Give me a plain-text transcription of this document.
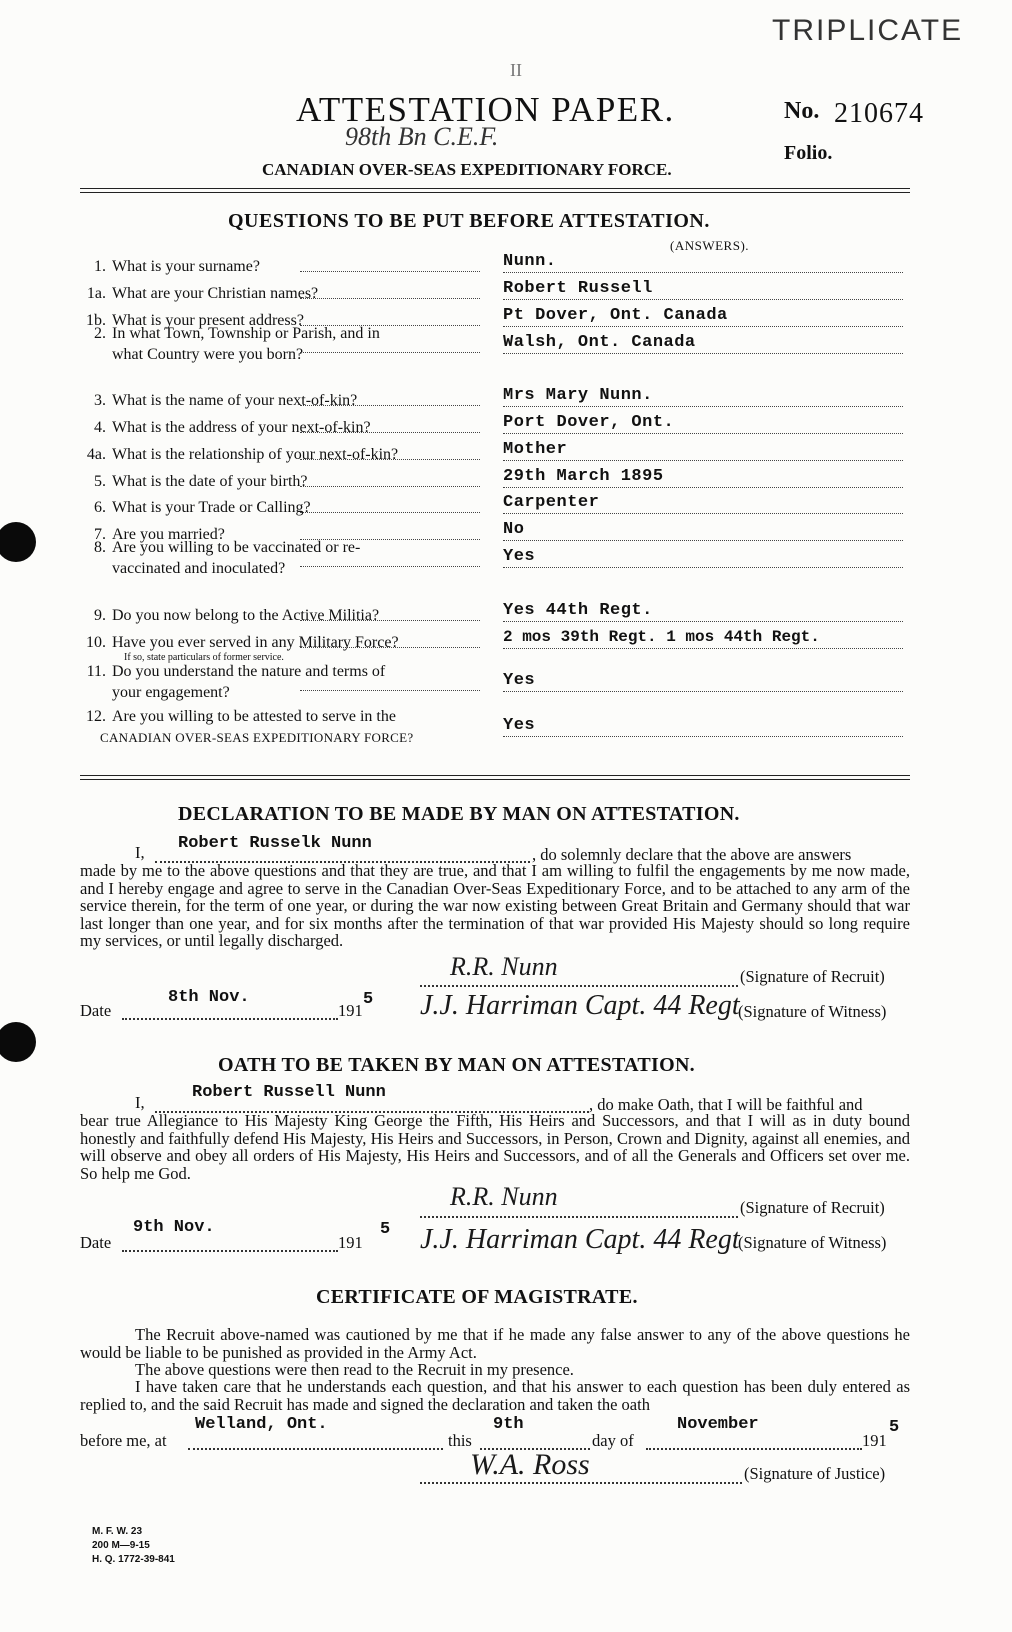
TRIPLICATE
II
ATTESTATION PAPER.
98th Bn C.E.F.
CANADIAN OVER-SEAS EXPEDITIONARY FORCE.
No. 210674
Folio.
QUESTIONS TO BE PUT BEFORE ATTESTATION.
(ANSWERS).
1. What is your surname?	Nunn.
1a. What are your Christian names?	Robert Russell
1b. What is your present address?	Pt Dover, Ont. Canada
2. In what Town, Township or Parish, and in
what Country were you born?
Walsh, Ont. Canada
3. What is the name of your next-of-kin?	Mrs Mary Nunn.
4. What is the address of your next-of-kin?	Port Dover, Ont.
4a. What is the relationship of your next-of-kin?	Mother
5. What is the date of your birth?	29th March 1895
6. What is your Trade or Calling?	Carpenter
7. Are you married?	No
8. Are you willing to be vaccinated or re-
vaccinated and inoculated?
Yes
9. Do you now belong to the Active Militia?	Yes 44th Regt.
10. Have you ever served in any Military Force?
$^{If so, state particulars of former service.}$
2 mos 39th Regt. 1 mos 44th Regt.
11. Do you understand the nature and terms of
your engagement?
Yes
12. Are you willing to be attested to serve in the
CANADIAN OVER-SEAS EXPEDITIONARY FORCE?
Yes
DECLARATION TO BE MADE BY MAN ON ATTESTATION.
I, Robert Russelk Nunn
, do solemnly declare that the above are answers
made by me to the above questions and that they are true, and that I am willing to fulfil the engagements by me now made, and I hereby engage and agree to serve in the Canadian Over-Seas Expeditionary Force, and to be attached to any arm of the service therein, for the term of one year, or during the war now existing between Great Britain and Germany should that war last longer than one year, and for six months after the termination of that war provided His Majesty should so long require my services, or until legally discharged.
R.R. Nunn	(Signature of Recruit)
Date
8th Nov.
191
5 J.J. Harriman Capt. 44 Regt
(Signature of Witness)
OATH TO BE TAKEN BY MAN ON ATTESTATION.
I,
Robert Russell Nunn
, do make Oath, that I will be faithful and
bear true Allegiance to His Majesty King George the Fifth, His Heirs and Successors, and that I will as in duty bound honestly and faithfully defend His Majesty, His Heirs and Successors, in Person, Crown and Dignity, against all enemies, and will observe and obey all orders of His Majesty, His Heirs and Successors, and of all the Generals and Officers set over me. So help me God.
R.R. Nunn	(Signature of Recruit)
Date
9th Nov.
191
5 J.J. Harriman Capt. 44 Regt
(Signature of Witness)
CERTIFICATE OF MAGISTRATE.
The Recruit above-named was cautioned by me that if he made any false answer to any of the above questions he would be liable to be punished as provided in the Army Act.
The above questions were then read to the Recruit in my presence.
I have taken care that he understands each question, and that his answer to each question has been duly entered as replied to, and the said Recruit has made and signed the declaration and taken the oath
before me, at
Welland, Ont.
this
9th
day of
November
191
5
W.A. Ross	(Signature of Justice)
M. F. W. 23
200 M—9-15
H. Q. 1772-39-841
